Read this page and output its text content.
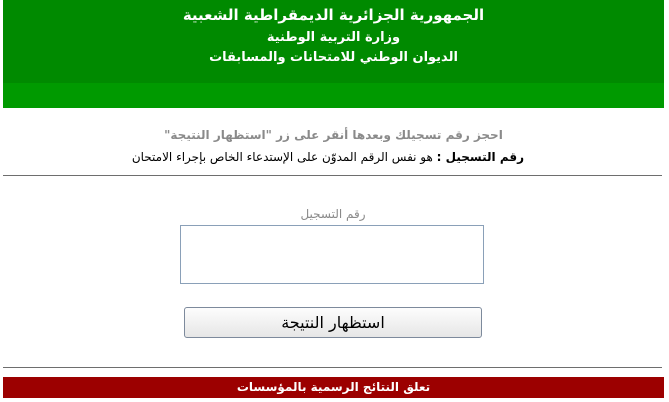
الجمهورية الجزائرية الديمقراطية الشعبية
وزارة التربية الوطنية
الديوان الوطني للامتحانات والمسابقات
احجز رقم تسجيلك وبعدها أنقر على زر "استظهار النتيجة"
رقم التسجيل : هو نفس الرقم المدوّن على الإستدعاء الخاص بإجراء الامتحان
رقم التسجيل
استظهار النتيجة
تعلق النتائج الرسمية بالمؤسسات
